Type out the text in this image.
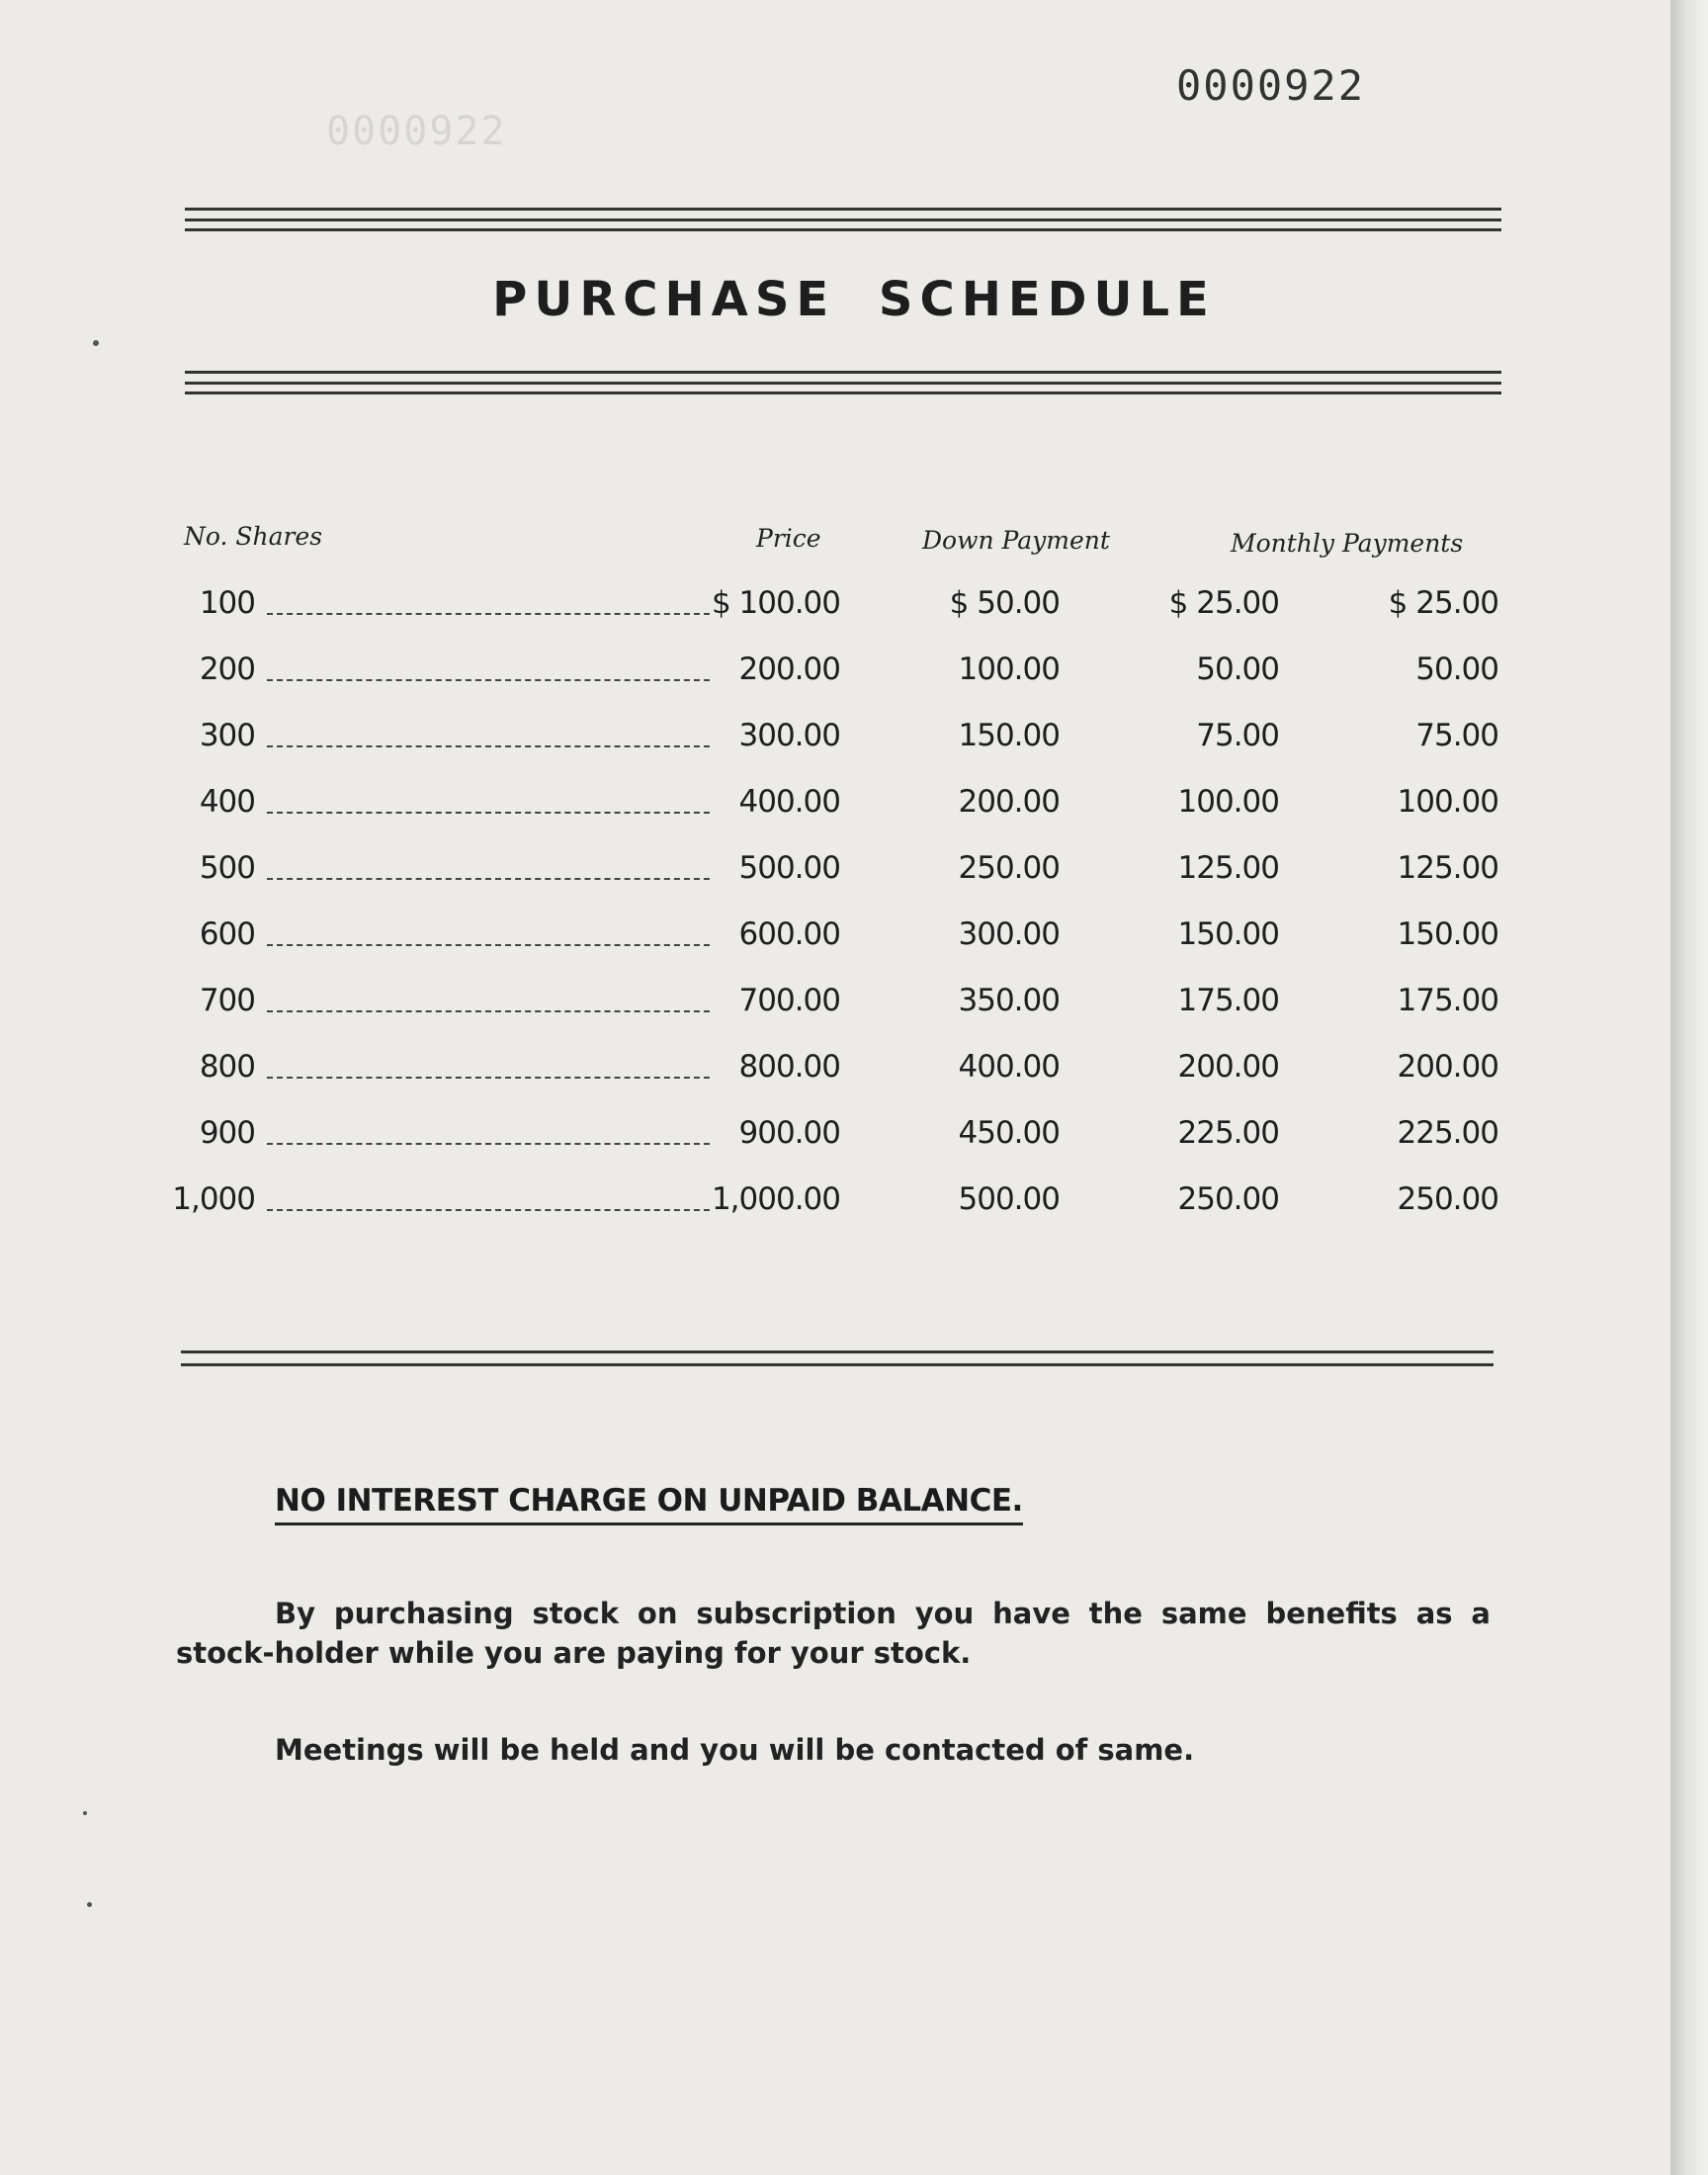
0000922
0000922
PURCHASE SCHEDULE
No. Shares	Price	Down Payment	Monthly Payments
100	$ 100.00	$ 50.00	$ 25.00	$ 25.00
200	200.00	100.00	50.00	50.00
300	300.00	150.00	75.00	75.00
400	400.00	200.00	100.00	100.00
500	500.00	250.00	125.00	125.00
600	600.00	300.00	150.00	150.00
700	700.00	350.00	175.00	175.00
800	800.00	400.00	200.00	200.00
900	900.00	450.00	225.00	225.00
1,000	1,000.00	500.00	250.00	250.00
NO INTEREST CHARGE ON UNPAID BALANCE.
By purchasing stock on subscription you have the same benefits as a stock-holder while you are paying for your stock.
Meetings will be held and you will be contacted of same.
